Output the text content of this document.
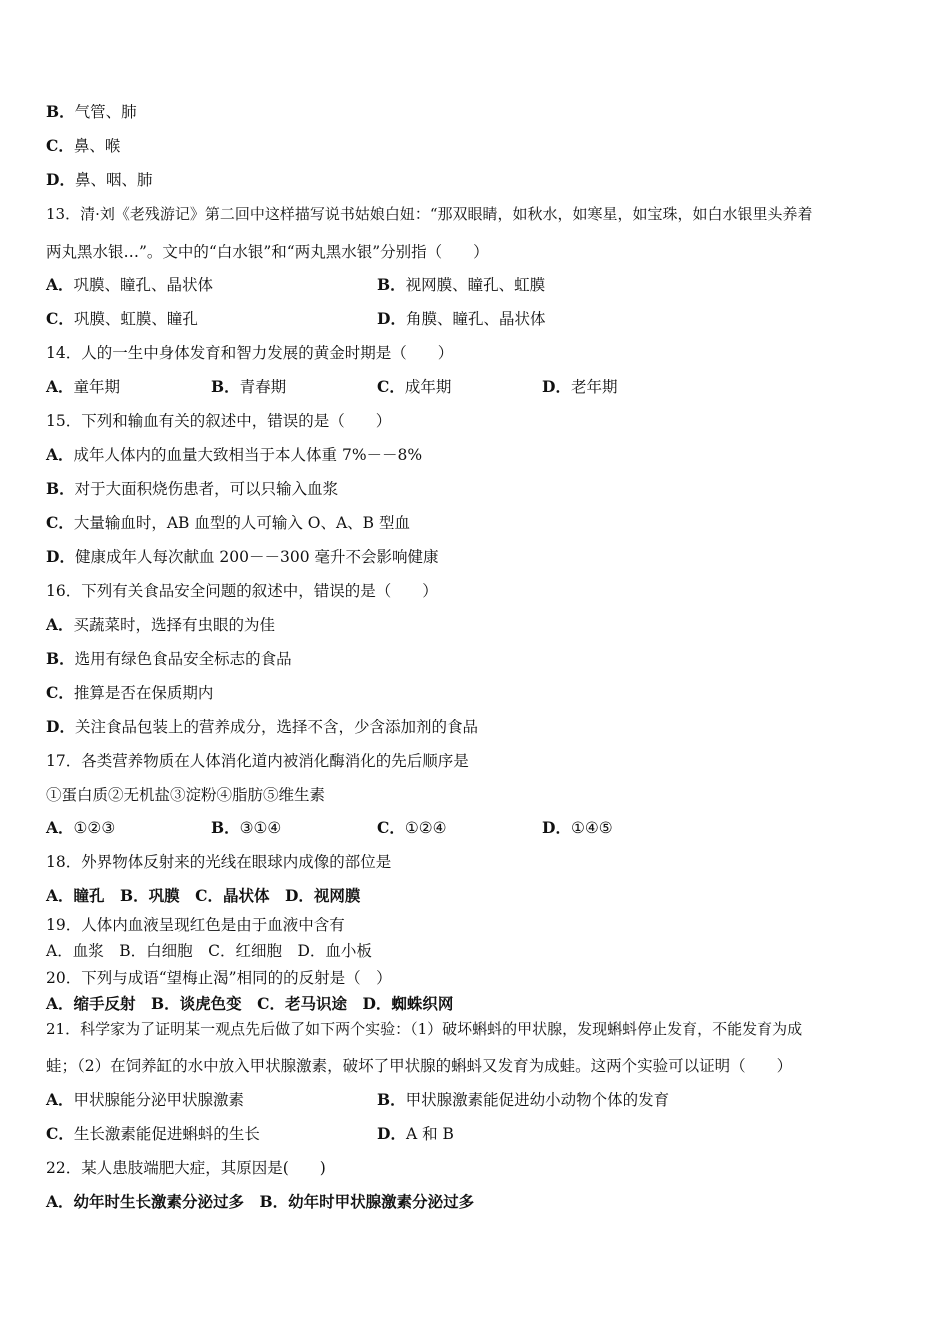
B．气管、肺
C．鼻、喉
D．鼻、咽、肺
13．清·刘《老残游记》第二回中这样描写说书姑娘白妞：“那双眼睛，如秋水，如寒星，如宝珠，如白水银里头养着
两丸黑水银…”。文中的“白水银”和“两丸黑水银”分别指（　　）
A．巩膜、瞳孔、晶状体	B．视网膜、瞳孔、虹膜
C．巩膜、虹膜、瞳孔	D．角膜、瞳孔、晶状体
14．人的一生中身体发育和智力发展的黄金时期是（　　）
A．童年期	B．青春期	C．成年期	D．老年期
15．下列和输血有关的叙述中，错误的是（　　）
A．成年人体内的血量大致相当于本人体重 7%－－8%
B．对于大面积烧伤患者，可以只输入血浆
C．大量输血时，AB 血型的人可输入 O、A、B 型血
D．健康成年人每次献血 200－－300 毫升不会影响健康
16．下列有关食品安全问题的叙述中，错误的是（　　）
A．买蔬菜时，选择有虫眼的为佳
B．选用有绿色食品安全标志的食品
C．推算是否在保质期内
D．关注食品包装上的营养成分，选择不含，少含添加剂的食品
17．各类营养物质在人体消化道内被消化酶消化的先后顺序是
①蛋白质②无机盐③淀粉④脂肪⑤维生素
A．①②③	B．③①④	C．①②④	D．①④⑤
18．外界物体反射来的光线在眼球内成像的部位是
A．瞳孔　B．巩膜　C．晶状体　D．视网膜
19．人体内血液呈现红色是由于血液中含有
A．血浆　B．白细胞　C．红细胞　D．血小板
20．下列与成语“望梅止渴”相同的的反射是（　）
A．缩手反射　B．谈虎色变　C．老马识途　D．蜘蛛织网
21．科学家为了证明某一观点先后做了如下两个实验：（1）破坏蝌蚪的甲状腺，发现蝌蚪停止发育，不能发育为成
蛙；（2）在饲养缸的水中放入甲状腺激素，破坏了甲状腺的蝌蚪又发育为成蛙。这两个实验可以证明（　　）
A．甲状腺能分泌甲状腺激素	B．甲状腺激素能促进幼小动物个体的发育
C．生长激素能促进蝌蚪的生长	D．A 和 B
22．某人患肢端肥大症，其原因是(　　)
A．幼年时生长激素分泌过多　B．幼年时甲状腺激素分泌过多
